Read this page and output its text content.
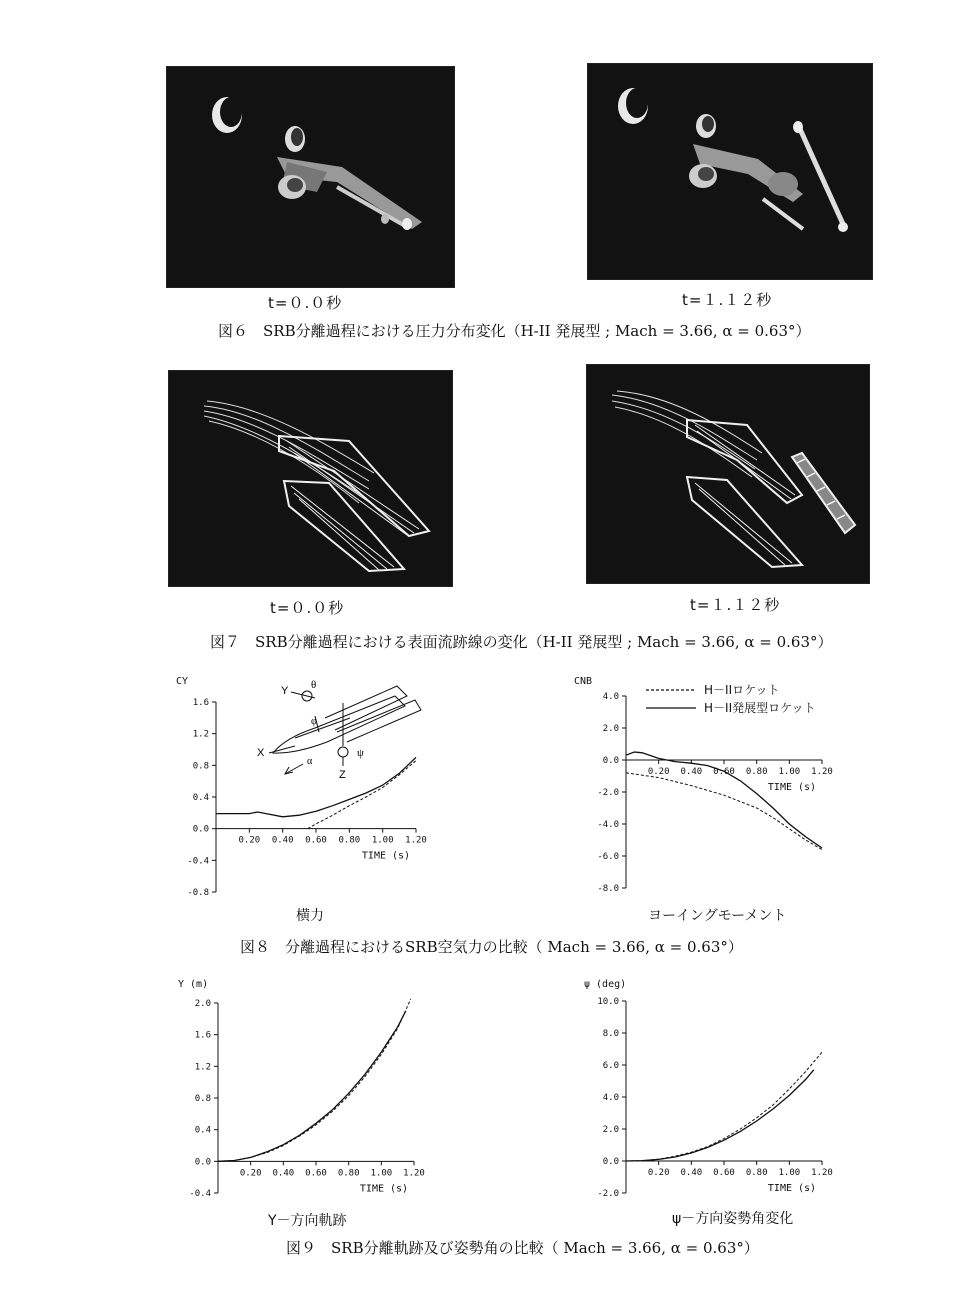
t=０.０秒	t=１.１２秒
図６　SRB分離過程における圧力分布変化（H-II 発展型 ; Mach = 3.66, α = 0.63°）
t=０.０秒	t=１.１２秒
図７　SRB分離過程における表面流跡線の変化（H-II 発展型 ; Mach = 3.66, α = 0.63°）
1.6
1.2
0.8
0.4
0.0
-0.4
-0.8
0.20 0.40 0.60 0.80 1.00 1.20
CY
TIME (s)
Y θ
φ
X
α
Z
ψ
横力
4.0
2.0
0.0
-2.0
-4.0
-6.0
-8.0
0.20 0.40 0.60 0.80 1.00 1.20
CNB
TIME (s)
H－IIロケット
H－II発展型ロケット
ヨーイングモーメント
図８　分離過程におけるSRB空気力の比較（ Mach = 3.66, α = 0.63°）
2.0
1.6
1.2
0.8
0.4
0.0
-0.4
0.20 0.40 0.60 0.80 1.00 1.20
Y (m)
TIME (s)
Y－方向軌跡
10.0
8.0
6.0
4.0
2.0
0.0
-2.0
0.20 0.40 0.60 0.80 1.00 1.20
ψ (deg)
TIME (s)
ψ－方向姿勢角変化
図９　SRB分離軌跡及び姿勢角の比較（ Mach = 3.66, α = 0.63°）
